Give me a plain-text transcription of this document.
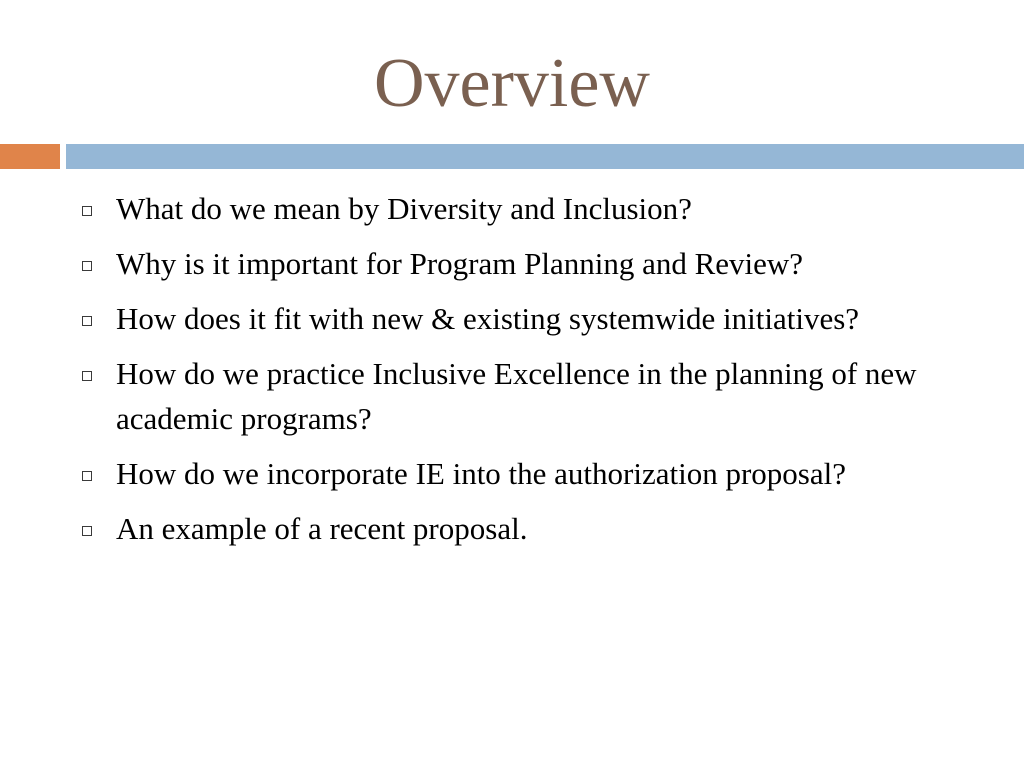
Overview
What do we mean by Diversity and Inclusion?
Why is it important for Program Planning and Review?
How does it fit with new & existing systemwide initiatives?
How do we practice Inclusive Excellence in the planning of new academic programs?
How do we incorporate IE into the authorization proposal?
An example of a recent proposal.
